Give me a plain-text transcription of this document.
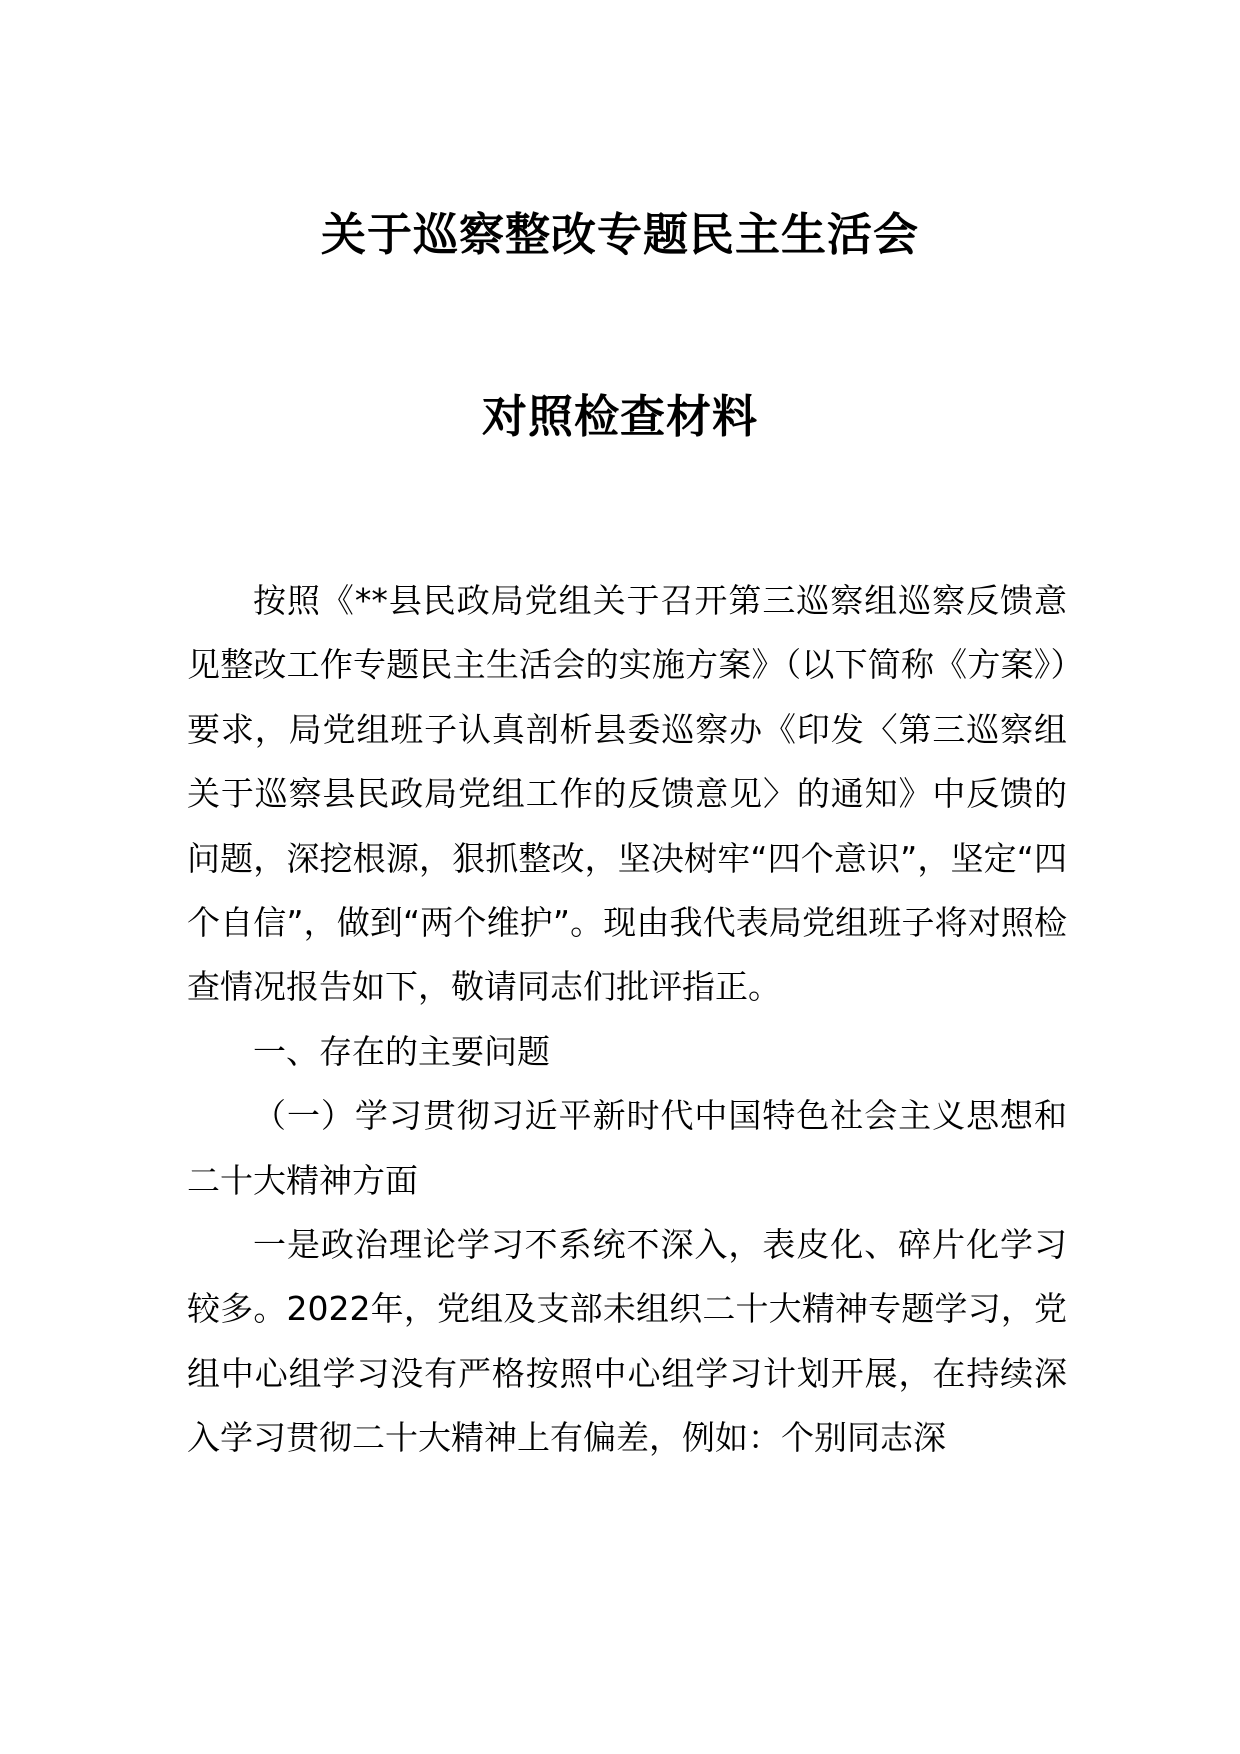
关于巡察整改专题民主生活会
对照检查材料

按照《**县民政局党组关于召开第三巡察组巡察反馈意见整改工作专题民主生活会的实施方案》（以下简称《方案》）要求，局党组班子认真剖析县委巡察办《印发〈第三巡察组关于巡察县民政局党组工作的反馈意见〉的通知》中反馈的问题，深挖根源，狠抓整改，坚决树牢“四个意识”，坚定“四个自信”，做到“两个维护”。现由我代表局党组班子将对照检查情况报告如下，敬请同志们批评指正。

一、存在的主要问题

（一）学习贯彻习近平新时代中国特色社会主义思想和二十大精神方面

一是政治理论学习不系统不深入，表皮化、碎片化学习较多。2022年，党组及支部未组织二十大精神专题学习，党组中心组学习没有严格按照中心组学习计划开展，在持续深入学习贯彻二十大精神上有偏差，例如：个别同志深
